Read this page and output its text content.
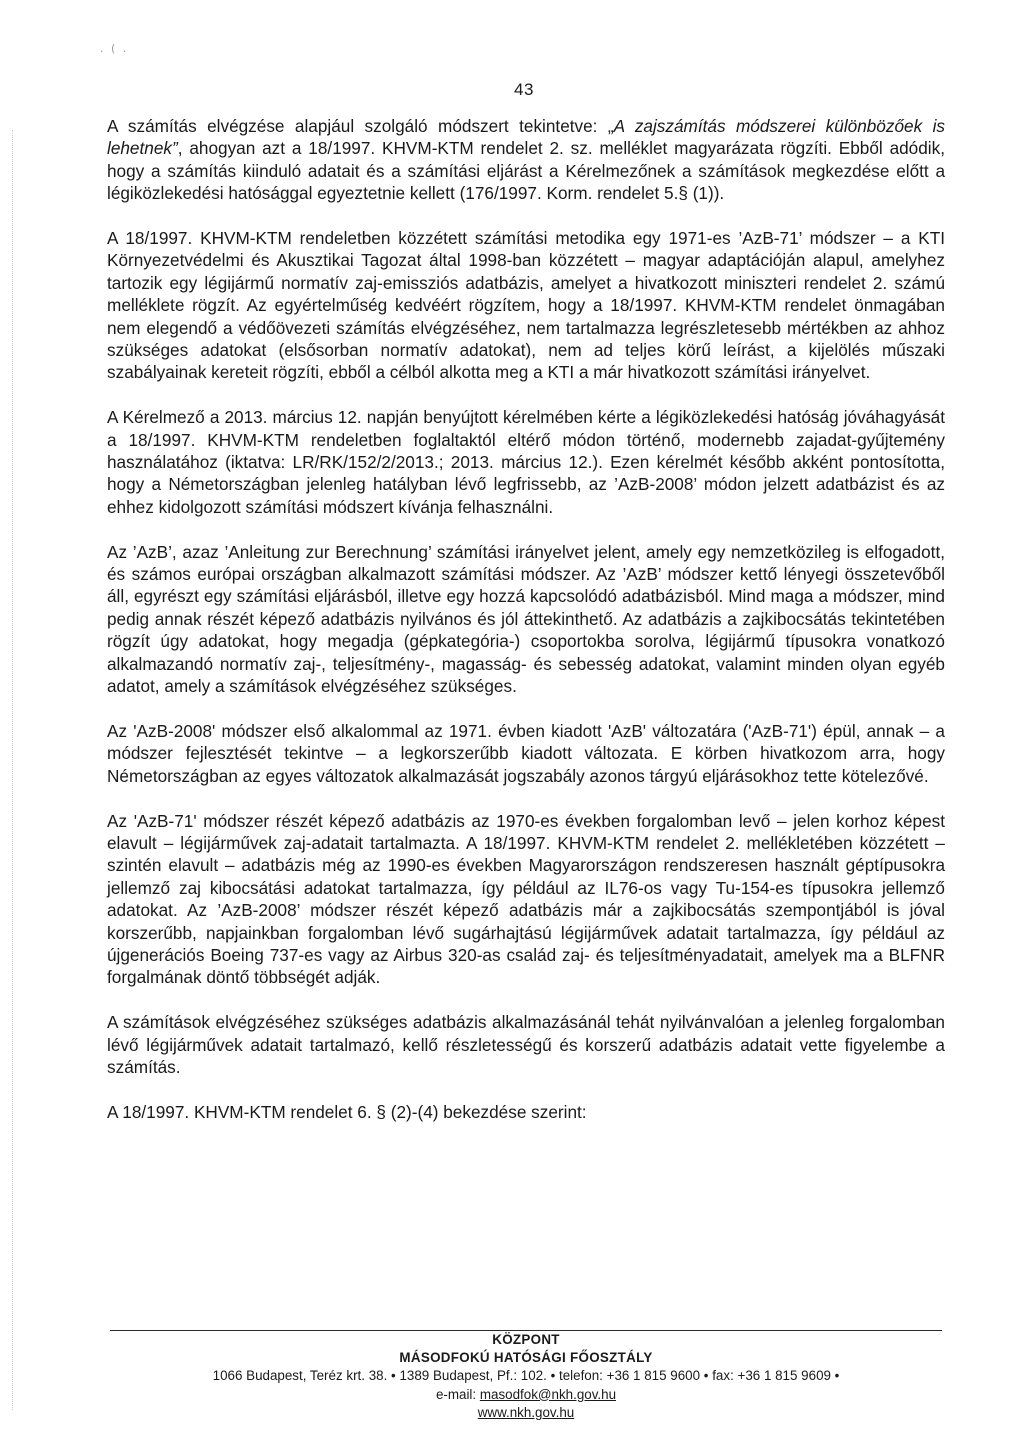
. ( .
43

A számítás elvégzése alapjául szolgáló módszert tekintetve: „A zajszámítás módszerei különbözőek is lehetnek”, ahogyan azt a 18/1997. KHVM-KTM rendelet 2. sz. melléklet magyarázata rögzíti. Ebből adódik, hogy a számítás kiinduló adatait és a számítási eljárást a Kérelmezőnek a számítások megkezdése előtt a légiközlekedési hatósággal egyeztetnie kellett (176/1997. Korm. rendelet 5.§ (1)).

A 18/1997. KHVM-KTM rendeletben közzétett számítási metodika egy 1971-es ’AzB-71’ módszer – a KTI Környezetvédelmi és Akusztikai Tagozat által 1998-ban közzétett – magyar adaptációján alapul, amelyhez tartozik egy légijármű normatív zaj-emissziós adatbázis, amelyet a hivatkozott miniszteri rendelet 2. számú melléklete rögzít. Az egyértelműség kedvéért rögzítem, hogy a 18/1997. KHVM-KTM rendelet önmagában nem elegendő a védőövezeti számítás elvégzéséhez, nem tartalmazza legrészletesebb mértékben az ahhoz szükséges adatokat (elsősorban normatív adatokat), nem ad teljes körű leírást, a kijelölés műszaki szabályainak kereteit rögzíti, ebből a célból alkotta meg a KTI a már hivatkozott számítási irányelvet.

A Kérelmező a 2013. március 12. napján benyújtott kérelmében kérte a légiközlekedési hatóság jóváhagyását a 18/1997. KHVM-KTM rendeletben foglaltaktól eltérő módon történő, modernebb zajadat-gyűjtemény használatához (iktatva: LR/RK/152/2/2013.; 2013. március 12.). Ezen kérelmét később akként pontosította, hogy a Németországban jelenleg hatályban lévő legfrissebb, az ’AzB-2008’ módon jelzett adatbázist és az ehhez kidolgozott számítási módszert kívánja felhasználni.

Az ’AzB’, azaz ’Anleitung zur Berechnung’ számítási irányelvet jelent, amely egy nemzetközileg is elfogadott, és számos európai országban alkalmazott számítási módszer. Az ’AzB’ módszer kettő lényegi összetevőből áll, egyrészt egy számítási eljárásból, illetve egy hozzá kapcsolódó adatbázisból. Mind maga a módszer, mind pedig annak részét képező adatbázis nyilvános és jól áttekinthető. Az adatbázis a zajkibocsátás tekintetében rögzít úgy adatokat, hogy megadja (gépkategória-) csoportokba sorolva, légijármű típusokra vonatkozó alkalmazandó normatív zaj-, teljesítmény-, magasság- és sebesség adatokat, valamint minden olyan egyéb adatot, amely a számítások elvégzéséhez szükséges.

Az 'AzB-2008' módszer első alkalommal az 1971. évben kiadott 'AzB' változatára ('AzB-71') épül, annak – a módszer fejlesztését tekintve – a legkorszerűbb kiadott változata. E körben hivatkozom arra, hogy Németországban az egyes változatok alkalmazását jogszabály azonos tárgyú eljárásokhoz tette kötelezővé.

Az 'AzB-71' módszer részét képező adatbázis az 1970-es években forgalomban levő – jelen korhoz képest elavult – légijárművek zaj-adatait tartalmazta. A 18/1997. KHVM-KTM rendelet 2. mellékletében közzétett – szintén elavult – adatbázis még az 1990-es években Magyarországon rendszeresen használt géptípusokra jellemző zaj kibocsátási adatokat tartalmazza, így például az IL76-os vagy Tu-154-es típusokra jellemző adatokat. Az ’AzB-2008’ módszer részét képező adatbázis már a zajkibocsátás szempontjából is jóval korszerűbb, napjainkban forgalomban lévő sugárhajtású légijárművek adatait tartalmazza, így például az újgenerációs Boeing 737-es vagy az Airbus 320-as család zaj- és teljesítményadatait, amelyek ma a BLFNR forgalmának döntő többségét adják.

A számítások elvégzéséhez szükséges adatbázis alkalmazásánál tehát nyilvánvalóan a jelenleg forgalomban lévő légijárművek adatait tartalmazó, kellő részletességű és korszerű adatbázis adatait vette figyelembe a számítás.

A 18/1997. KHVM-KTM rendelet 6. § (2)-(4) bekezdése szerint:

KÖZPONT
MÁSODFOKÚ HATÓSÁGI FŐOSZTÁLY
1066 Budapest, Teréz krt. 38. • 1389 Budapest, Pf.: 102. • telefon: +36 1 815 9600 • fax: +36 1 815 9609 •
e-mail: masodfok@nkh.gov.hu
www.nkh.gov.hu
